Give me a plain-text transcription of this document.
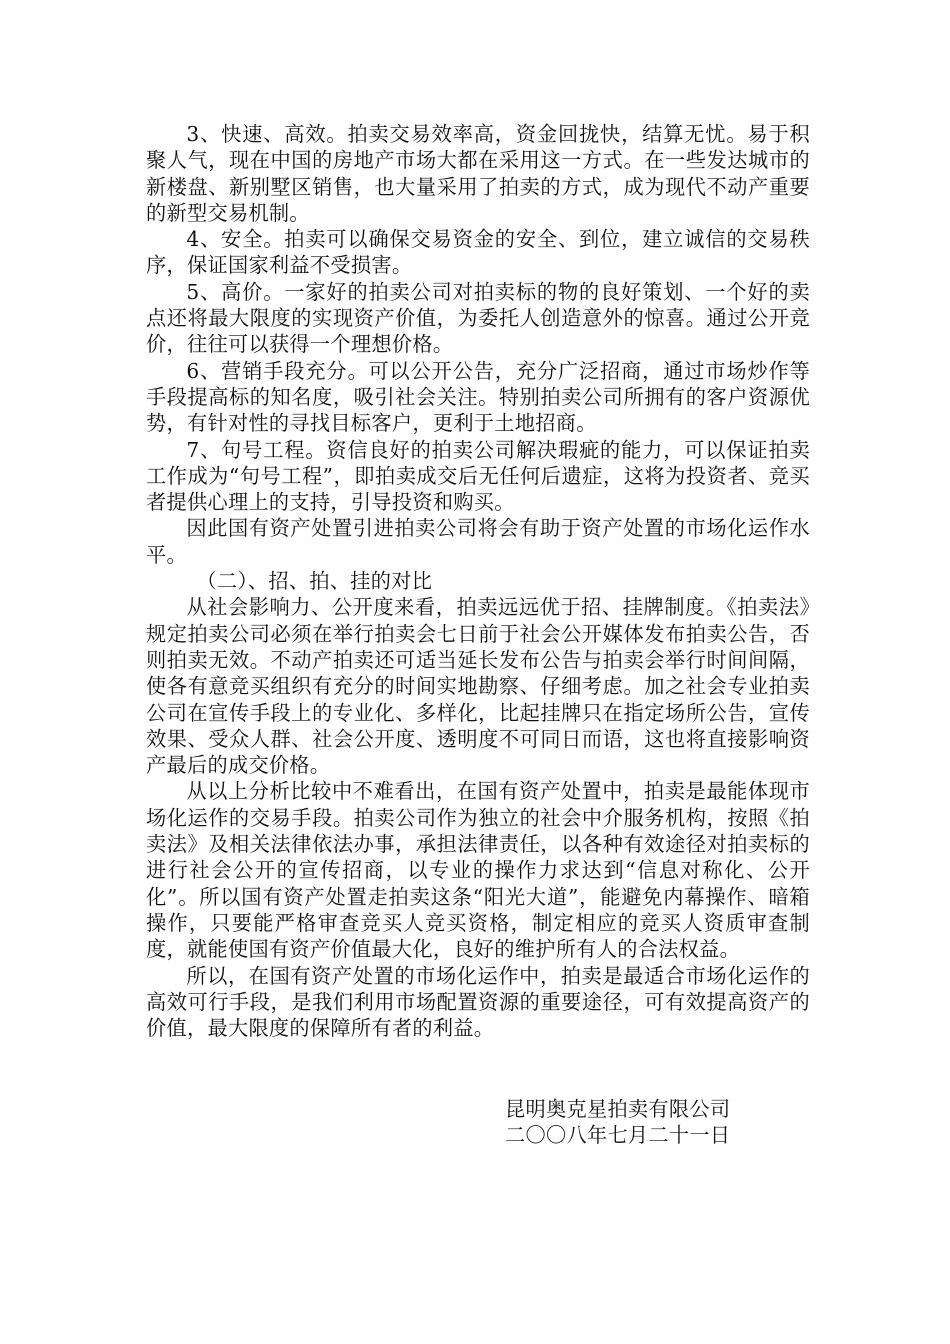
3、快速、高效。拍卖交易效率高，资金回拢快，结算无忧。易于积聚人气，现在中国的房地产市场大都在采用这一方式。在一些发达城市的新楼盘、新别墅区销售，也大量采用了拍卖的方式，成为现代不动产重要的新型交易机制。

4、安全。拍卖可以确保交易资金的安全、到位，建立诚信的交易秩序，保证国家利益不受损害。

5、高价。一家好的拍卖公司对拍卖标的物的良好策划、一个好的卖点还将最大限度的实现资产价值，为委托人创造意外的惊喜。通过公开竞价，往往可以获得一个理想价格。

6、营销手段充分。可以公开公告，充分广泛招商，通过市场炒作等手段提高标的知名度，吸引社会关注。特别拍卖公司所拥有的客户资源优势，有针对性的寻找目标客户，更利于土地招商。

7、句号工程。资信良好的拍卖公司解决瑕疵的能力，可以保证拍卖工作成为“句号工程”，即拍卖成交后无任何后遗症，这将为投资者、竞买者提供心理上的支持，引导投资和购买。

因此国有资产处置引进拍卖公司将会有助于资产处置的市场化运作水平。

（二）、招、拍、挂的对比

从社会影响力、公开度来看，拍卖远远优于招、挂牌制度。《拍卖法》规定拍卖公司必须在举行拍卖会七日前于社会公开媒体发布拍卖公告，否则拍卖无效。不动产拍卖还可适当延长发布公告与拍卖会举行时间间隔，使各有意竞买组织有充分的时间实地勘察、仔细考虑。加之社会专业拍卖公司在宣传手段上的专业化、多样化，比起挂牌只在指定场所公告，宣传效果、受众人群、社会公开度、透明度不可同日而语，这也将直接影响资产最后的成交价格。

从以上分析比较中不难看出，在国有资产处置中，拍卖是最能体现市场化运作的交易手段。拍卖公司作为独立的社会中介服务机构，按照《拍卖法》及相关法律依法办事，承担法律责任，以各种有效途径对拍卖标的进行社会公开的宣传招商，以专业的操作力求达到“信息对称化、公开化”。所以国有资产处置走拍卖这条“阳光大道”，能避免内幕操作、暗箱操作，只要能严格审查竞买人竞买资格，制定相应的竞买人资质审查制度，就能使国有资产价值最大化，良好的维护所有人的合法权益。

所以，在国有资产处置的市场化运作中，拍卖是最适合市场化运作的高效可行手段，是我们利用市场配置资源的重要途径，可有效提高资产的价值，最大限度的保障所有者的利益。

昆明奥克星拍卖有限公司

二〇〇八年七月二十一日
